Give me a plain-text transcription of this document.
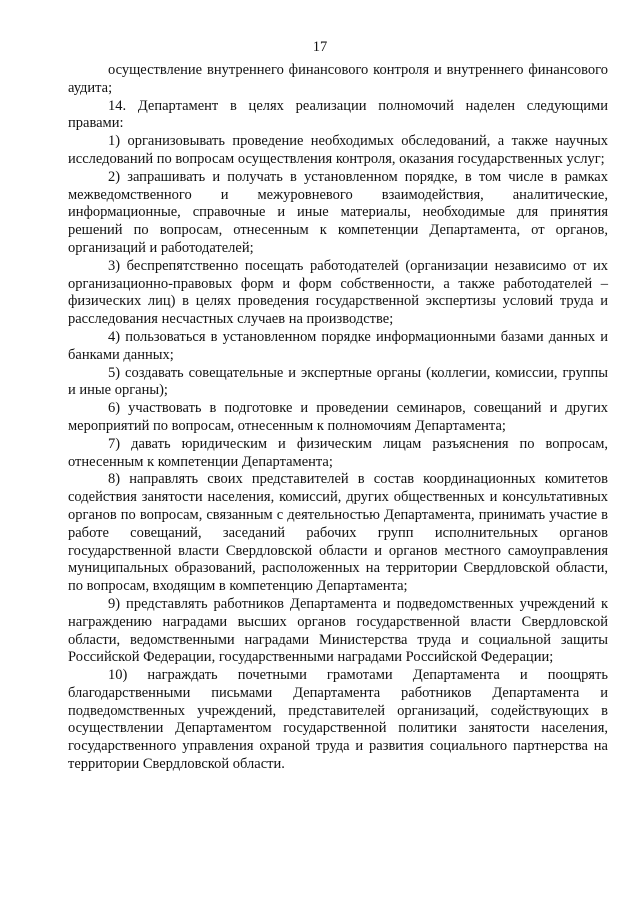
17

осуществление внутреннего финансового контроля и внутреннего финансового аудита;

14. Департамент в целях реализации полномочий наделен следующими правами:

1) организовывать проведение необходимых обследований, а также научных исследований по вопросам осуществления контроля, оказания государственных услуг;

2) запрашивать и получать в установленном порядке, в том числе в рамках межведомственного и межуровневого взаимодействия, аналитические, информационные, справочные и иные материалы, необходимые для принятия решений по вопросам, отнесенным к компетенции Департамента, от органов, организаций и работодателей;

3) беспрепятственно посещать работодателей (организации независимо от их организационно-правовых форм и форм собственности, а также работодателей – физических лиц) в целях проведения государственной экспертизы условий труда и расследования несчастных случаев на производстве;

4) пользоваться в установленном порядке информационными базами данных и банками данных;

5) создавать совещательные и экспертные органы (коллегии, комиссии, группы и иные органы);

6) участвовать в подготовке и проведении семинаров, совещаний и других мероприятий по вопросам, отнесенным к полномочиям Департамента;

7) давать юридическим и физическим лицам разъяснения по вопросам, отнесенным к компетенции Департамента;

8) направлять своих представителей в состав координационных комитетов содействия занятости населения, комиссий, других общественных и консультативных органов по вопросам, связанным с деятельностью Департамента, принимать участие в работе совещаний, заседаний рабочих групп исполнительных органов государственной власти Свердловской области и органов местного самоуправления муниципальных образований, расположенных на территории Свердловской области, по вопросам, входящим в компетенцию Департамента;

9) представлять работников Департамента и подведомственных учреждений к награждению наградами высших органов государственной власти Свердловской области, ведомственными наградами Министерства труда и социальной защиты Российской Федерации, государственными наградами Российской Федерации;

10) награждать почетными грамотами Департамента и поощрять благодарственными письмами Департамента работников Департамента и подведомственных учреждений, представителей организаций, содействующих в осуществлении Департаментом государственной политики занятости населения, государственного управления охраной труда и развития социального партнерства на территории Свердловской области.
